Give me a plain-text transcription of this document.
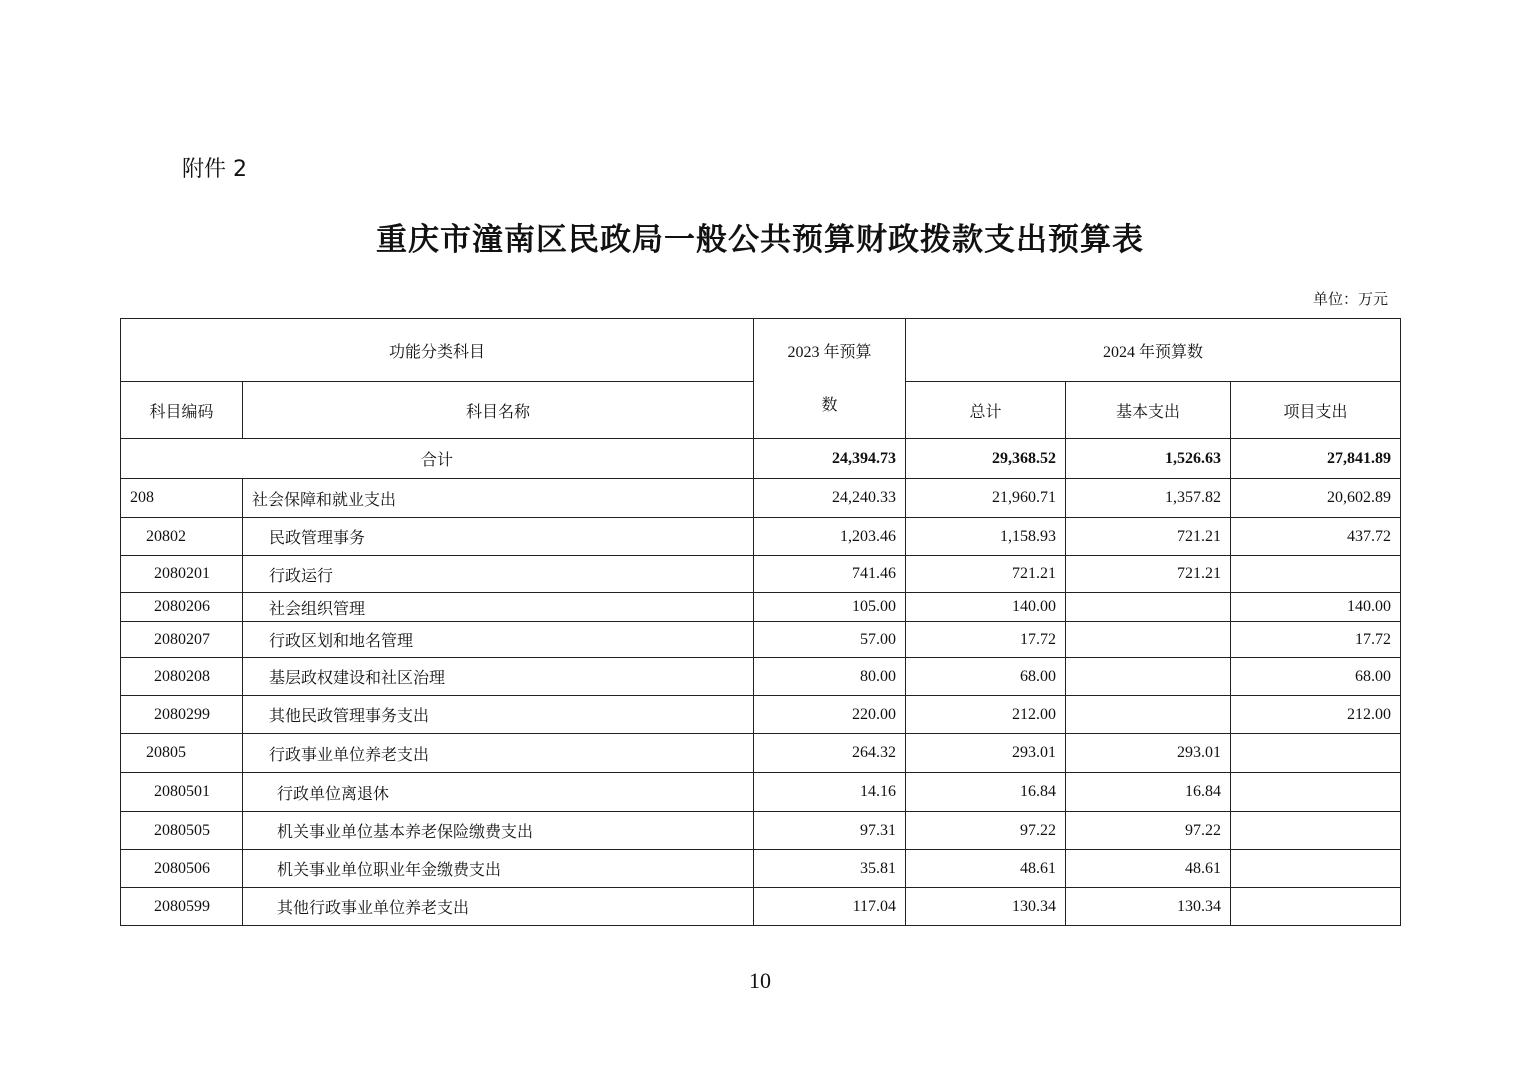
附件 2
重庆市潼南区民政局一般公共预算财政拨款支出预算表
单位：万元
功能分类科目		2023 年预算
数	2024 年预算数		
科目编码	科目名称		总计	基本支出	项目支出
合计		24,394.73	29,368.52	1,526.63	27,841.89
208	社会保障和就业支出	24,240.33	21,960.71	1,357.82	20,602.89
20802	民政管理事务	1,203.46	1,158.93	721.21	437.72
2080201	行政运行	741.46	721.21	721.21	
2080206	社会组织管理	105.00	140.00		140.00
2080207	行政区划和地名管理	57.00	17.72		17.72
2080208	基层政权建设和社区治理	80.00	68.00		68.00
2080299	其他民政管理事务支出	220.00	212.00		212.00
20805	行政事业单位养老支出	264.32	293.01	293.01	
2080501	行政单位离退休	14.16	16.84	16.84	
2080505	机关事业单位基本养老保险缴费支出	97.31	97.22	97.22	
2080506	机关事业单位职业年金缴费支出	35.81	48.61	48.61	
2080599	其他行政事业单位养老支出	117.04	130.34	130.34	
10
